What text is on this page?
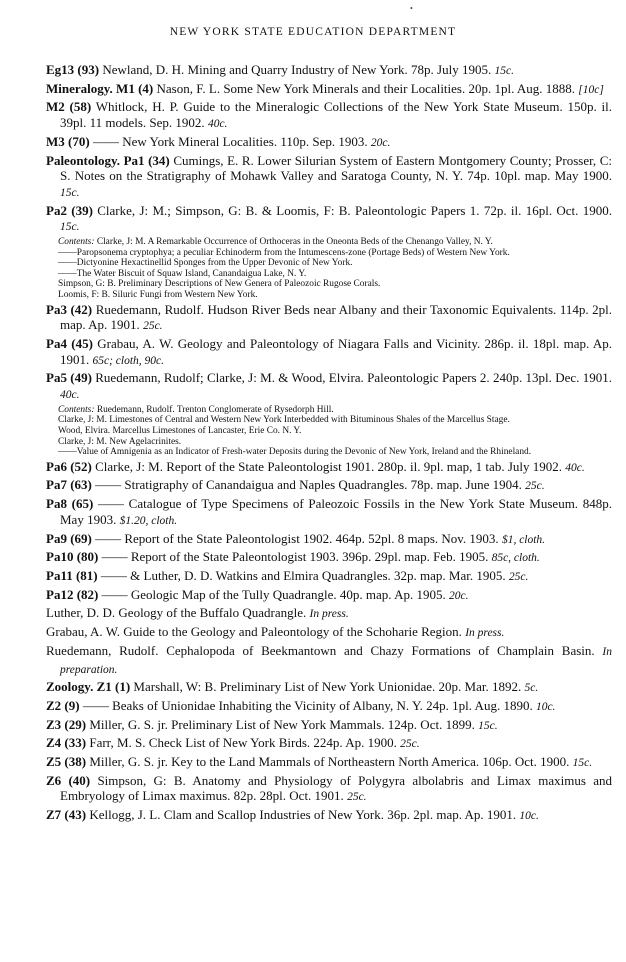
•
NEW YORK STATE EDUCATION DEPARTMENT

Eg13 (93) Newland, D. H. Mining and Quarry Industry of New York. 78p. July 1905. 15c.

Mineralogy. M1 (4) Nason, F. L. Some New York Minerals and their Localities. 20p. 1pl. Aug. 1888. [10c]

M2 (58) Whitlock, H. P. Guide to the Mineralogic Collections of the New York State Museum. 150p. il. 39pl. 11 models. Sep. 1902. 40c.

M3 (70) —— New York Mineral Localities. 110p. Sep. 1903. 20c.

Paleontology. Pa1 (34) Cumings, E. R. Lower Silurian System of Eastern Montgomery County; Prosser, C: S. Notes on the Stratigraphy of Mohawk Valley and Saratoga County, N. Y. 74p. 10pl. map. May 1900. 15c.

Pa2 (39) Clarke, J: M.; Simpson, G: B. & Loomis, F: B. Paleontologic Papers 1. 72p. il. 16pl. Oct. 1900. 15c.

Contents: Clarke, J: M. A Remarkable Occurrence of Orthoceras in the Oneonta Beds of the Chenango Valley, N. Y.

——Paropsonema cryptophya; a peculiar Echinoderm from the Intumescens-zone (Portage Beds) of Western New York.

——Dictyonine Hexactinellid Sponges from the Upper Devonic of New York.

——The Water Biscuit of Squaw Island, Canandaigua Lake, N. Y.

Simpson, G: B. Preliminary Descriptions of New Genera of Paleozoic Rugose Corals.

Loomis, F: B. Siluric Fungi from Western New York.

Pa3 (42) Ruedemann, Rudolf. Hudson River Beds near Albany and their Taxonomic Equivalents. 114p. 2pl. map. Ap. 1901. 25c.

Pa4 (45) Grabau, A. W. Geology and Paleontology of Niagara Falls and Vicinity. 286p. il. 18pl. map. Ap. 1901. 65c; cloth, 90c.

Pa5 (49) Ruedemann, Rudolf; Clarke, J: M. & Wood, Elvira. Paleontologic Papers 2. 240p. 13pl. Dec. 1901. 40c.

Contents: Ruedemann, Rudolf. Trenton Conglomerate of Rysedorph Hill.

Clarke, J: M. Limestones of Central and Western New York Interbedded with Bituminous Shales of the Marcellus Stage.

Wood, Elvira. Marcellus Limestones of Lancaster, Erie Co. N. Y.

Clarke, J: M. New Agelacrinites.

——Value of Amnigenia as an Indicator of Fresh-water Deposits during the Devonic of New York, Ireland and the Rhineland.

Pa6 (52) Clarke, J: M. Report of the State Paleontologist 1901. 280p. il. 9pl. map, 1 tab. July 1902. 40c.

Pa7 (63) —— Stratigraphy of Canandaigua and Naples Quadrangles. 78p. map. June 1904. 25c.

Pa8 (65) —— Catalogue of Type Specimens of Paleozoic Fossils in the New York State Museum. 848p. May 1903. $1.20, cloth.

Pa9 (69) —— Report of the State Paleontologist 1902. 464p. 52pl. 8 maps. Nov. 1903. $1, cloth.

Pa10 (80) —— Report of the State Paleontologist 1903. 396p. 29pl. map. Feb. 1905. 85c, cloth.

Pa11 (81) —— & Luther, D. D. Watkins and Elmira Quadrangles. 32p. map. Mar. 1905. 25c.

Pa12 (82) —— Geologic Map of the Tully Quadrangle. 40p. map. Ap. 1905. 20c.

Luther, D. D. Geology of the Buffalo Quadrangle. In press.

Grabau, A. W. Guide to the Geology and Paleontology of the Schoharie Region. In press.

Ruedemann, Rudolf. Cephalopoda of Beekmantown and Chazy Formations of Champlain Basin. In preparation.

Zoology. Z1 (1) Marshall, W: B. Preliminary List of New York Unionidae. 20p. Mar. 1892. 5c.

Z2 (9) —— Beaks of Unionidae Inhabiting the Vicinity of Albany, N. Y. 24p. 1pl. Aug. 1890. 10c.

Z3 (29) Miller, G. S. jr. Preliminary List of New York Mammals. 124p. Oct. 1899. 15c.

Z4 (33) Farr, M. S. Check List of New York Birds. 224p. Ap. 1900. 25c.

Z5 (38) Miller, G. S. jr. Key to the Land Mammals of Northeastern North America. 106p. Oct. 1900. 15c.

Z6 (40) Simpson, G: B. Anatomy and Physiology of Polygyra albolabris and Limax maximus and Embryology of Limax maximus. 82p. 28pl. Oct. 1901. 25c.

Z7 (43) Kellogg, J. L. Clam and Scallop Industries of New York. 36p. 2pl. map. Ap. 1901. 10c.
